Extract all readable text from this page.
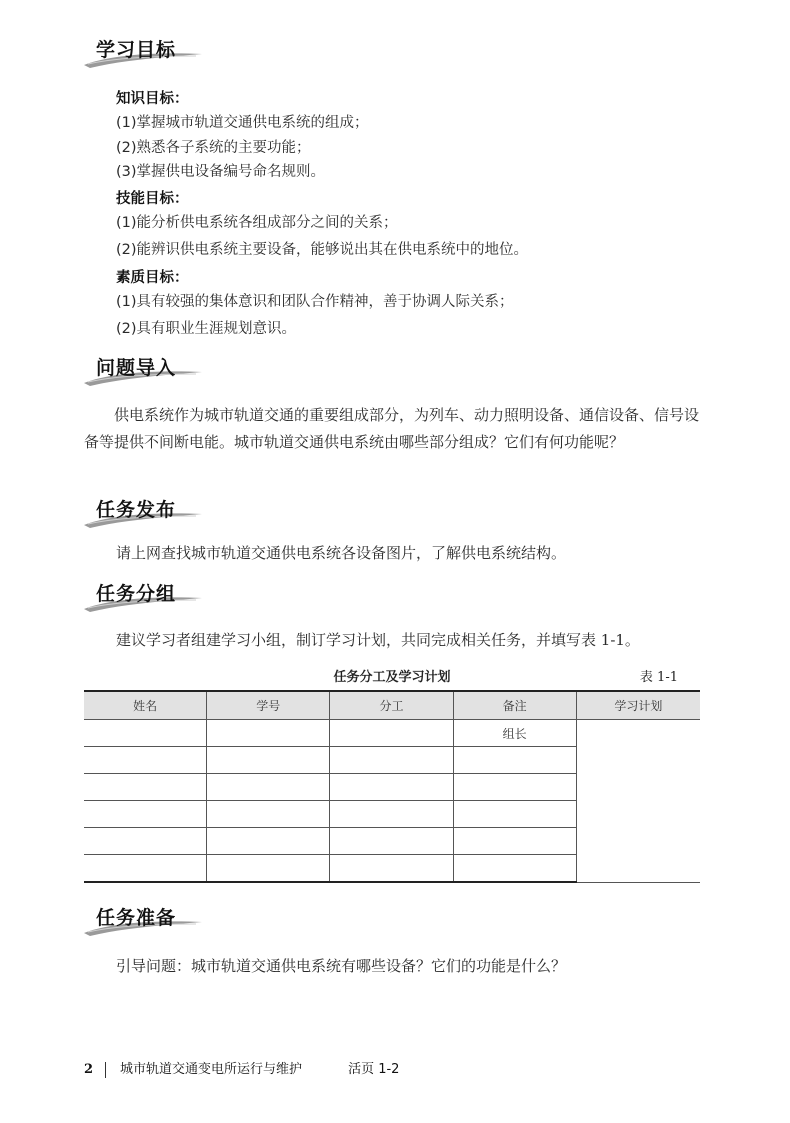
学习目标
知识目标：
(1)掌握城市轨道交通供电系统的组成；
(2)熟悉各子系统的主要功能；
(3)掌握供电设备编号命名规则。
技能目标：
(1)能分析供电系统各组成部分之间的关系；
(2)能辨识供电系统主要设备，能够说出其在供电系统中的地位。
素质目标：
(1)具有较强的集体意识和团队合作精神，善于协调人际关系；
(2)具有职业生涯规划意识。
问题导入
供电系统作为城市轨道交通的重要组成部分，为列车、动力照明设备、通信设备、信号设备等提供不间断电能。城市轨道交通供电系统由哪些部分组成？它们有何功能呢？
任务发布
请上网查找城市轨道交通供电系统各设备图片，了解供电系统结构。
任务分组
建议学习者组建学习小组，制订学习计划，共同完成相关任务，并填写表 1-1。
任务分工及学习计划	表 1-1
姓名	学号	分工	备注	学习计划
			组长	

任务准备
引导问题：城市轨道交通供电系统有哪些设备？它们的功能是什么？
2 城市轨道交通变电所运行与维护	活页 1-2
